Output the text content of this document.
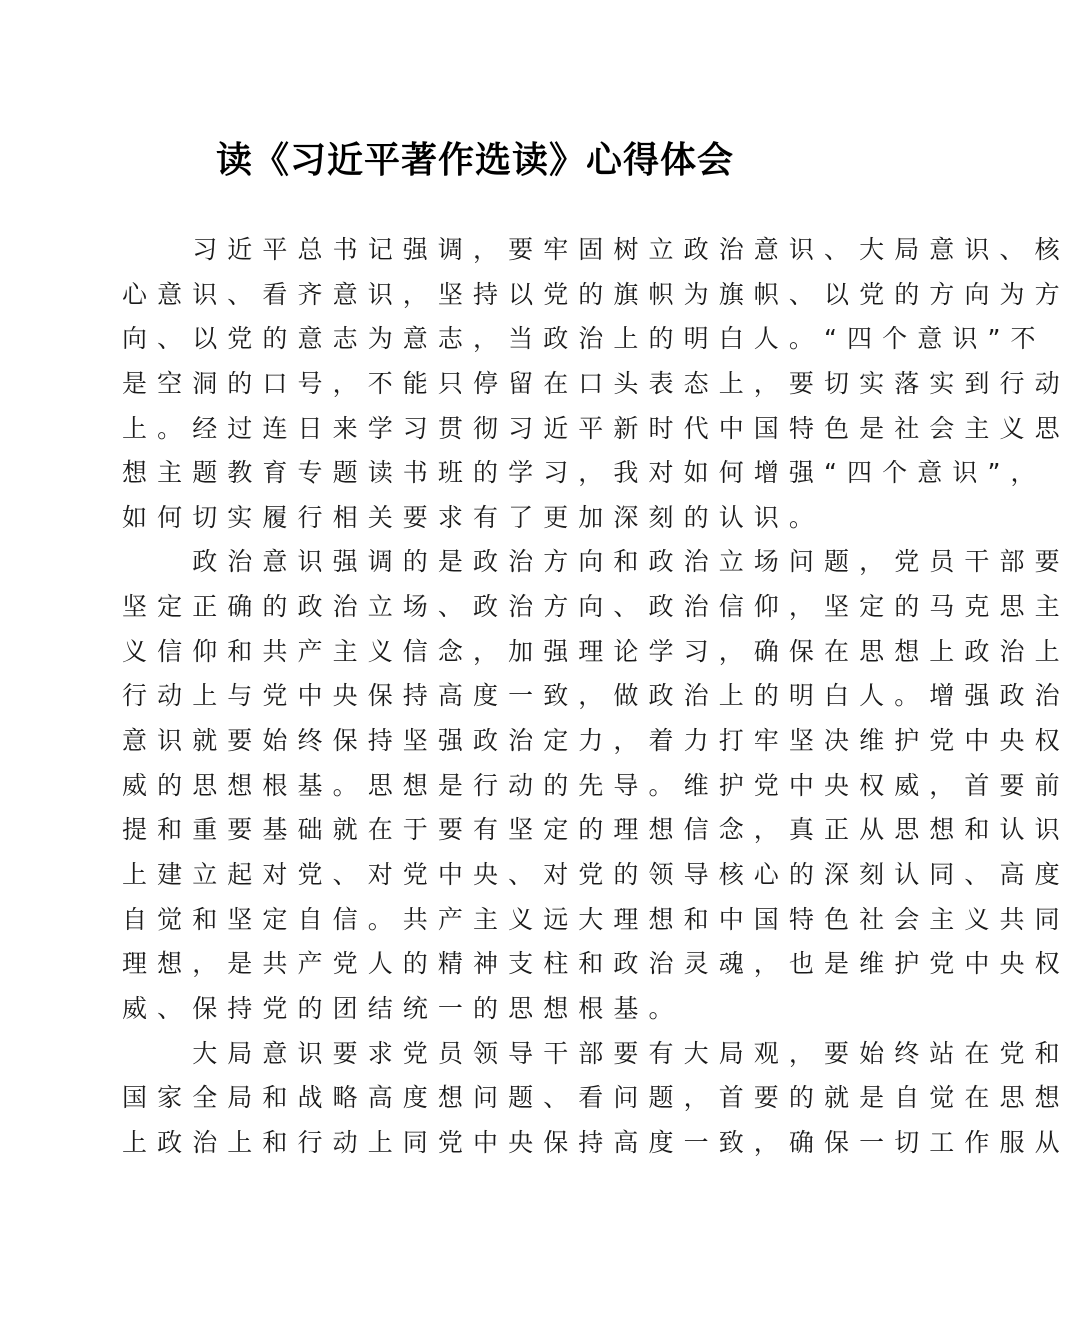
读《习近平著作选读》心得体会
　　习近平总书记强调，要牢固树立政治意识、大局意识、核
心意识、看齐意识，坚持以党的旗帜为旗帜、以党的方向为方
向、以党的意志为意志，当政治上的明白人。“四个意识”不
是空洞的口号，不能只停留在口头表态上，要切实落实到行动
上。经过连日来学习贯彻习近平新时代中国特色是社会主义思
想主题教育专题读书班的学习，我对如何增强“四个意识”，
如何切实履行相关要求有了更加深刻的认识。
　　政治意识强调的是政治方向和政治立场问题，党员干部要
坚定正确的政治立场、政治方向、政治信仰，坚定的马克思主
义信仰和共产主义信念，加强理论学习，确保在思想上政治上
行动上与党中央保持高度一致，做政治上的明白人。增强政治
意识就要始终保持坚强政治定力，着力打牢坚决维护党中央权
威的思想根基。思想是行动的先导。维护党中央权威，首要前
提和重要基础就在于要有坚定的理想信念，真正从思想和认识
上建立起对党、对党中央、对党的领导核心的深刻认同、高度
自觉和坚定自信。共产主义远大理想和中国特色社会主义共同
理想，是共产党人的精神支柱和政治灵魂，也是维护党中央权
威、保持党的团结统一的思想根基。
　　大局意识要求党员领导干部要有大局观，要始终站在党和
国家全局和战略高度想问题、看问题，首要的就是自觉在思想
上政治上和行动上同党中央保持高度一致，确保一切工作服从
